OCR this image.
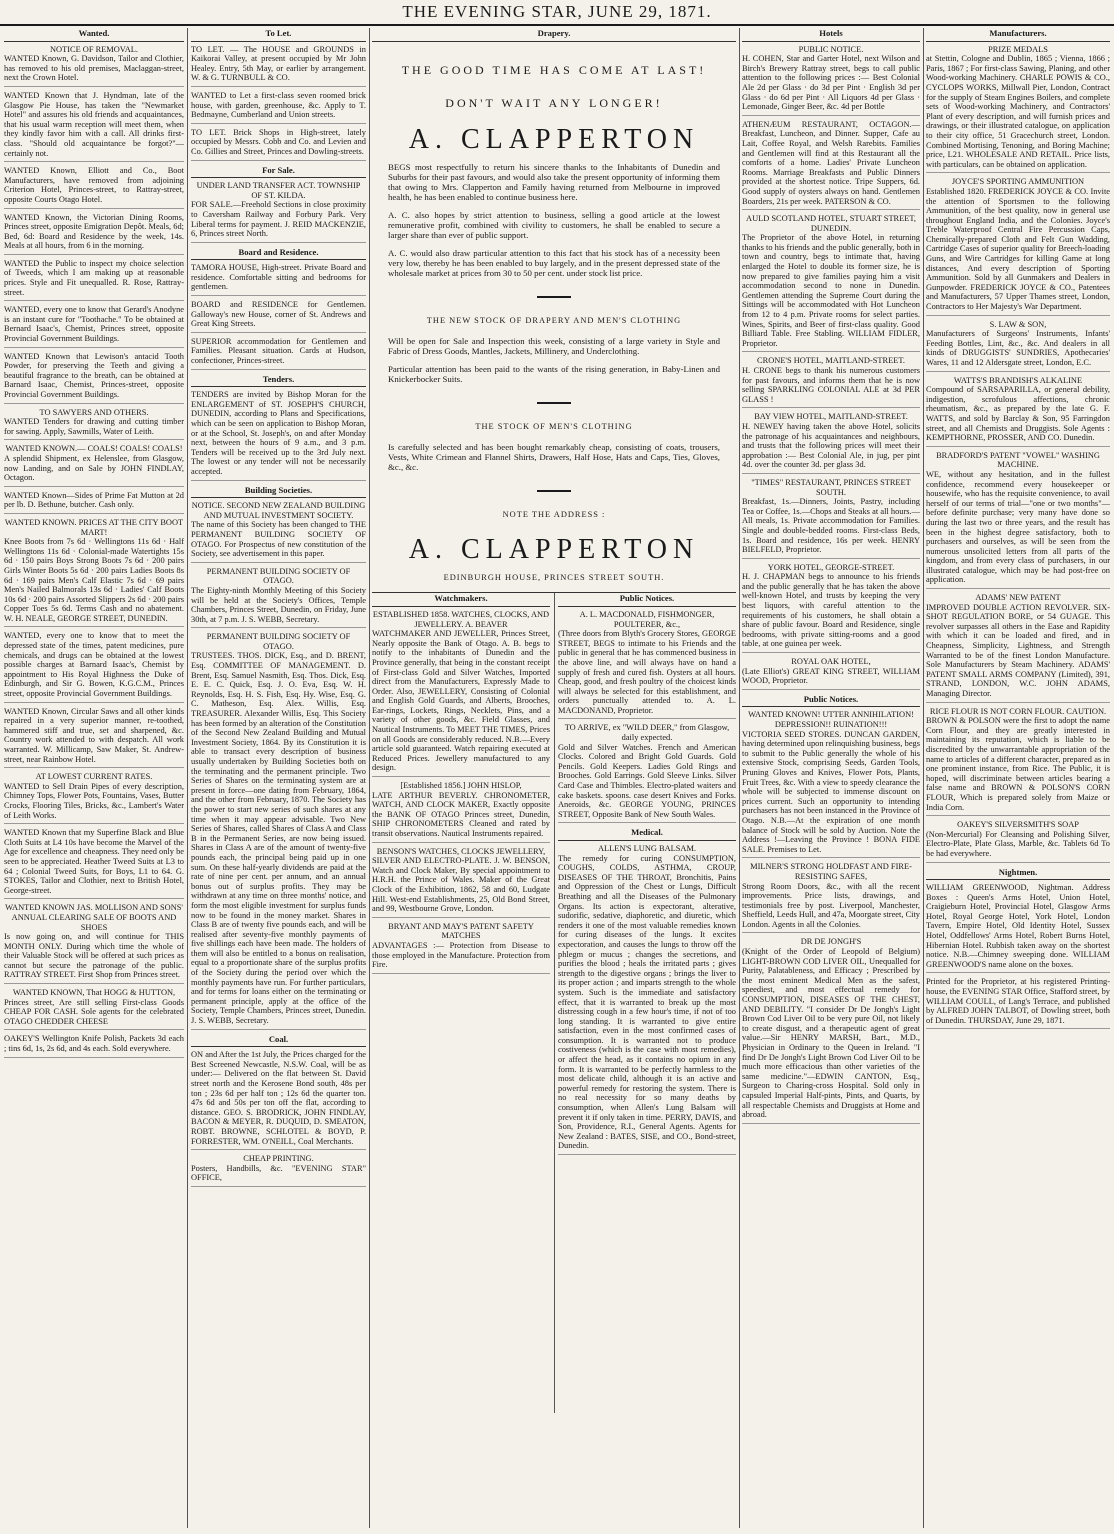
THE EVENING STAR, JUNE 29, 1871.
Wanted.

NOTICE OF REMOVAL.

WANTED Known, G. Davidson, Tailor and Clothier, has removed to his old premises, Maclaggan-street, next the Crown Hotel.

WANTED Known that J. Hyndman, late of the Glasgow Pie House, has taken the "Newmarket Hotel" and assures his old friends and acquaintances, that his usual warm reception will meet them, when they kindly favor him with a call. All drinks first-class. "Should old acquaintance be forgot?"—certainly not.

WANTED Known, Elliott and Co., Boot Manufacturers, have removed from adjoining Criterion Hotel, Princes-street, to Rattray-street, opposite Courts Otago Hotel.

WANTED Known, the Victorian Dining Rooms, Princes street, opposite Emigration Depôt. Meals, 6d; Bed, 6d: Board and Residence by the week, 14s. Meals at all hours, from 6 in the morning.

WANTED the Public to inspect my choice selection of Tweeds, which I am making up at reasonable prices. Style and Fit unequalled. R. Rose, Rattray-street.

WANTED, every one to know that Gerard's Anodyne is an instant cure for "Toothache." To be obtained at Bernard Isaac's, Chemist, Princes street, opposite Provincial Government Buildings.

WANTED Known that Lewison's antacid Tooth Powder, for preserving the Teeth and giving a beautiful fragrance to the breath, can be obtained at Barnard Isaac, Chemist, Princes-street, opposite Provincial Government Buildings.

TO SAWYERS AND OTHERS.

WANTED Tenders for drawing and cutting timber for sawing. Apply, Sawmills, Water of Leith.

WANTED KNOWN.— COALS! COALS! COALS!

A splendid Shipment, ex Helenslee, from Glasgow, now Landing, and on Sale by JOHN FINDLAY, Octagon.

WANTED Known—Sides of Prime Fat Mutton at 2d per lb. D. Bethune, butcher. Cash only.

WANTED KNOWN. PRICES AT THE CITY BOOT MART!

Knee Boots from 7s 6d · Wellingtons 11s 6d · Half Wellingtons 11s 6d · Colonial-made Watertights 15s 6d · 150 pairs Boys Strong Boots 7s 6d · 200 pairs Girls Winter Boots 5s 6d · 200 pairs Ladies Boots 8s 6d · 169 pairs Men's Calf Elastic 7s 6d · 69 pairs Men's Nailed Balmorals 13s 6d · Ladies' Calf Boots 10s 6d · 200 pairs Assorted Slippers 2s 6d · 200 pairs Copper Toes 5s 6d. Terms Cash and no abatement. W. H. NEALE, GEORGE STREET, DUNEDIN.

WANTED, every one to know that to meet the depressed state of the times, patent medicines, pure chemicals, and drugs can be obtained at the lowest possible charges at Barnard Isaac's, Chemist by appointment to His Royal Highness the Duke of Edinburgh, and Sir G. Bowen, K.G.C.M., Princes street, opposite Provincial Government Buildings.

WANTED Known, Circular Saws and all other kinds repaired in a very superior manner, re-toothed, hammered stiff and true, set and sharpened, &c. Country work attended to with despatch. All work warranted. W. Millicamp, Saw Maker, St. Andrew-street, near Rainbow Hotel.

AT LOWEST CURRENT RATES.

WANTED to Sell Drain Pipes of every description, Chimney Tops, Flower Pots, Fountains, Vases, Butter Crocks, Flooring Tiles, Bricks, &c., Lambert's Water of Leith Works.

WANTED Known that my Superfine Black and Blue Cloth Suits at L4 10s have become the Marvel of the Age for excellence and cheapness. They need only be seen to be appreciated. Heather Tweed Suits at L3 to 64 ; Colonial Tweed Suits, for Boys, L1 to 64. G. STOKES, Tailor and Clothier, next to British Hotel, George-street.

WANTED KNOWN JAS. MOLLISON AND SONS' ANNUAL CLEARING SALE OF BOOTS AND SHOES

Is now going on, and will continue for THIS MONTH ONLY. During which time the whole of their Valuable Stock will be offered at such prices as cannot but secure the patronage of the public. RATTRAY STREET. First Shop from Princes street.

WANTED KNOWN, That HOGG & HUTTON,

Princes street, Are still selling First-class Goods CHEAP FOR CASH. Sole agents for the celebrated OTAGO CHEDDER CHEESE

OAKEY'S Wellington Knife Polish, Packets 3d each ; tins 6d, 1s, 2s 6d, and 4s each. Sold everywhere.

To Let.

TO LET. — The HOUSE and GROUNDS in Kaikorai Valley, at present occupied by Mr John Healey. Entry, 5th May, or earlier by arrangement. W. & G. TURNBULL & CO.

WANTED to Let a first-class seven roomed brick house, with garden, greenhouse, &c. Apply to T. Bedmayne, Cumberland and Union streets.

TO LET. Brick Shops in High-street, lately occupied by Messrs. Cobb and Co. and Levien and Co. Gillies and Street, Princes and Dowling-streets.

For Sale.

UNDER LAND TRANSFER ACT. TOWNSHIP OF ST. KILDA.

FOR SALE.—Freehold Sections in close proximity to Caversham Railway and Forbury Park. Very Liberal terms for payment. J. REID MACKENZIE, 6, Princes street North.

Board and Residence.

TAMORA HOUSE, High-street. Private Board and residence. Comfortable sitting and bedrooms for gentlemen.

BOARD and RESIDENCE for Gentlemen. Galloway's new House, corner of St. Andrews and Great King Streets.

SUPERIOR accommodation for Gentlemen and Families. Pleasant situation. Cards at Hudson, confectioner, Princes-street.

Tenders.

TENDERS are invited by Bishop Moran for the ENLARGEMENT of ST. JOSEPH'S CHURCH, DUNEDIN, according to Plans and Specifications, which can be seen on application to Bishop Moran, or at the School, St. Joseph's, on and after Monday next, between the hours of 9 a.m., and 3 p.m. Tenders will be received up to the 3rd July next. The lowest or any tender will not be necessarily accepted.

Building Societies.

NOTICE. SECOND NEW ZEALAND BUILDING AND MUTUAL INVESTMENT SOCIETY.

The name of this Society has been changed to THE PERMANENT BUILDING SOCIETY OF OTAGO. For Prospectus of new constitution of the Society, see advertisement in this paper.

PERMANENT BUILDING SOCIETY OF OTAGO.

The Eighty-ninth Monthly Meeting of this Society will be held at the Society's Offices, Temple Chambers, Princes Street, Dunedin, on Friday, June 30th, at 7 p.m. J. S. WEBB, Secretary.

PERMANENT BUILDING SOCIETY OF OTAGO.

TRUSTEES. THOS. DICK, Esq., and D. BRENT, Esq. COMMITTEE OF MANAGEMENT. D. Brent, Esq. Samuel Nasmith, Esq. Thos. Dick, Esq. E. E. C. Quick, Esq. J. O. Eva, Esq. W. H. Reynolds, Esq. H. S. Fish, Esq. Hy. Wise, Esq. G. C. Matheson, Esq. Alex. Willis, Esq. TREASURER. Alexander Willis, Esq. This Society has been formed by an alteration of the Constitution of the Second New Zealand Building and Mutual Investment Society, 1864. By its Constitution it is able to transact every description of business usually undertaken by Building Societies both on the terminating and the permanent principle. Two Series of Shares on the terminating system are at present in force—one dating from February, 1864, and the other from February, 1870. The Society has the power to start new series of such shares at any time when it may appear advisable. Two New Series of Shares, called Shares of Class A and Class B in the Permanent Series, are now being issued. Shares in Class A are of the amount of twenty-five pounds each, the principal being paid up in one sum. On these half-yearly dividends are paid at the rate of nine per cent. per annum, and an annual bonus out of surplus profits. They may be withdrawn at any time on three months' notice, and form the most eligible investment for surplus funds now to be found in the money market. Shares in Class B are of twenty five pounds each, and will be realised after seventy-five monthly payments of five shillings each have been made. The holders of them will also be entitled to a bonus on realisation, equal to a proportionate share of the surplus profits of the Society during the period over which the monthly payments have run. For further particulars, and for terms for loans either on the terminating or permanent principle, apply at the office of the Society, Temple Chambers, Princes street, Dunedin. J. S. WEBB, Secretary.

Coal.

ON and After the 1st July, the Prices charged for the Best Screened Newcastle, N.S.W. Coal, will be as under:— Delivered on the flat between St. David street north and the Kerosene Bond south, 48s per ton ; 23s 6d per half ton ; 12s 6d the quarter ton. 47s 6d and 50s per ton off the flat, according to distance. GEO. S. BRODRICK, JOHN FINDLAY, BACON & MEYER, R. DUQUID, D. SMEATON, ROBT. BROWNE, SCHLOTEL & BOYD, P. FORRESTER, WM. O'NEILL, Coal Merchants.

CHEAP PRINTING.

Posters, Handbills, &c. "EVENING STAR" OFFICE,

Drapery.
THE GOOD TIME HAS COME AT LAST!
DON'T WAIT ANY LONGER!
A. CLAPPERTON

BEGS most respectfully to return his sincere thanks to the Inhabitants of Dunedin and Suburbs for their past favours, and would also take the present opportunity of informing them that owing to Mrs. Clapperton and Family having returned from Melbourne in improved health, he has been enabled to continue business here.

A. C. also hopes by strict attention to business, selling a good article at the lowest remunerative profit, combined with civility to customers, he shall be enabled to secure a larger share than ever of public support.

A. C. would also draw particular attention to this fact that his stock has of a necessity been very low, thereby he has been enabled to buy largely, and in the present depressed state of the wholesale market at prices from 30 to 50 per cent. under stock list price.

THE NEW STOCK OF DRAPERY AND MEN'S CLOTHING

Will be open for Sale and Inspection this week, consisting of a large variety in Style and Fabric of Dress Goods, Mantles, Jackets, Millinery, and Underclothing.

Particular attention has been paid to the wants of the rising generation, in Baby-Linen and Knickerbocker Suits.

THE STOCK OF MEN'S CLOTHING

Is carefully selected and has been bought remarkably cheap, consisting of coats, trousers, Vests, White Crimean and Flannel Shirts, Drawers, Half Hose, Hats and Caps, Ties, Gloves, &c., &c.

NOTE THE ADDRESS :
A. CLAPPERTON
EDINBURGH HOUSE, PRINCES STREET SOUTH.
Watchmakers.

ESTABLISHED 1858. WATCHES, CLOCKS, AND JEWELLERY. A. BEAVER

WATCHMAKER AND JEWELLER, Princes Street, Nearly opposite the Bank of Otago. A. B. begs to notify to the inhabitants of Dunedin and the Province generally, that being in the constant receipt of First-class Gold and Silver Watches, Imported direct from the Manufacturers, Expressly Made to Order. Also, JEWELLERY, Consisting of Colonial and English Gold Guards, and Alberts, Brooches, Ear-rings, Lockets, Rings, Necklets, Pins, and a variety of other goods, &c. Field Glasses, and Nautical Instruments. To MEET THE TIMES, Prices on all Goods are considerably reduced. N.B.—Every article sold guaranteed. Watch repairing executed at Reduced Prices. Jewellery manufactured to any design.

[Established 1856.] JOHN HISLOP,

LATE ARTHUR BEVERLY. CHRONOMETER, WATCH, AND CLOCK MAKER, Exactly opposite the BANK OF OTAGO Princes street, Dunedin, SHIP CHRONOMETERS Cleaned and rated by transit observations. Nautical Instruments repaired.

BENSON'S WATCHES, CLOCKS JEWELLERY,

SILVER AND ELECTRO-PLATE. J. W. BENSON, Watch and Clock Maker, By special appointment to H.R.H. the Prince of Wales. Maker of the Great Clock of the Exhibition, 1862, 58 and 60, Ludgate Hill. West-end Establishments, 25, Old Bond Street, and 99, Westbourne Grove, London.

BRYANT AND MAY'S PATENT SAFETY MATCHES

ADVANTAGES :— Protection from Disease to those employed in the Manufacture. Protection from Fire.

Public Notices.

A. L. MACDONALD, FISHMONGER, POULTERER, &c.,

(Three doors from Blyth's Grocery Stores, GEORGE STREET, BEGS to intimate to his Friends and the public in general that he has commenced business in the above line, and will always have on hand a supply of fresh and cured fish. Oysters at all hours. Cheap, good, and fresh poultry of the choicest kinds will always be selected for this establishment, and orders punctually attended to. A. L. MACDONAND, Proprietor.

TO ARRIVE, ex "WILD DEER," from Glasgow, daily expected.

Gold and Silver Watches. French and American Clocks. Colored and Bright Gold Guards. Gold Pencils. Gold Keepers. Ladies Gold Rings and Brooches. Gold Earrings. Gold Sleeve Links. Silver Card Case and Thimbles. Electro-plated waiters and cake baskets. spoons. case desert Knives and Forks. Aneroids, &c. GEORGE YOUNG, PRINCES STREET, Opposite Bank of New South Wales.

Medical.

ALLEN'S LUNG BALSAM.

The remedy for curing CONSUMPTION, COUGHS, COLDS, ASTHMA, CROUP, DISEASES OF THE THROAT, Bronchitis, Pains and Oppression of the Chest or Lungs, Difficult Breathing and all the Diseases of the Pulmonary Organs. Its action is expectorant, alterative, sudorific, sedative, diaphoretic, and diuretic, which renders it one of the most valuable remedies known for curing diseases of the lungs. It excites expectoration, and causes the lungs to throw off the phlegm or mucus ; changes the secretions, and purifies the blood ; heals the irritated parts ; gives strength to the digestive organs ; brings the liver to its proper action ; and imparts strength to the whole system. Such is the immediate and satisfactory effect, that it is warranted to break up the most distressing cough in a few hour's time, if not of too long standing. It is warranted to give entire satisfaction, even in the most confirmed cases of consumption. It is warranted not to produce costiveness (which is the case with most remedies), or affect the head, as it contains no opium in any form. It is warranted to be perfectly harmless to the most delicate child, although it is an active and powerful remedy for restoring the system. There is no real necessity for so many deaths by consumption, when Allen's Lung Balsam will prevent it if only taken in time. PERRY, DAVIS, and Son, Providence, R.I., General Agents. Agents for New Zealand : BATES, SISE, and CO., Bond-street, Dunedin.

Hotels

PUBLIC NOTICE.

H. COHEN, Star and Garter Hotel, next Wilson and Birch's Brewery Rattray street, begs to call public attention to the following prices :— Best Colonial Ale 2d per Glass · do 3d per Pint · English 3d per Glass · do 6d per Pint · All Liquors 4d per Glass · Lemonade, Ginger Beer, &c. 4d per Bottle

ATHENÆUM RESTAURANT, OCTAGON.—Breakfast, Luncheon, and Dinner. Supper, Cafe au Lait, Coffee Royal, and Welsh Rarebits. Families and Gentlemen will find at this Restaurant all the comforts of a home. Ladies' Private Luncheon Rooms. Marriage Breakfasts and Public Dinners provided at the shortest notice. Tripe Suppers, 6d. Good supply of oysters always on hand. Gentlemen Boarders, 21s per week. PATERSON & CO.

AULD SCOTLAND HOTEL, STUART STREET, DUNEDIN.

The Proprietor of the above Hotel, in returning thanks to his friends and the public generally, both in town and country, begs to intimate that, having enlarged the Hotel to double its former size, he is now prepared to give families paying him a visit accommodation second to none in Dunedin. Gentlemen attending the Supreme Court during the Sittings will be accommodated with Hot Luncheon from 12 to 4 p.m. Private rooms for select parties. Wines, Spirits, and Beer of first-class quality. Good Billiard Table. Free Stabling. WILLIAM FIDLER, Proprietor.

CRONE'S HOTEL, MAITLAND-STREET.

H. CRONE begs to thank his numerous customers for past favours, and informs them that he is now selling SPARKLING COLONIAL ALE at 3d PER GLASS !

BAY VIEW HOTEL, MAITLAND-STREET.

H. NEWEY having taken the above Hotel, solicits the patronage of his acquaintances and neighbours, and trusts that the following prices will meet their approbation :— Best Colonial Ale, in jug, per pint 4d. over the counter 3d. per glass 3d.

"TIMES" RESTAURANT, PRINCES STREET SOUTH.

Breakfast, 1s.—Dinners, Joints, Pastry, including Tea or Coffee, 1s.—Chops and Steaks at all hours.—All meals, 1s. Private accommodation for Families. Single and double-bedded rooms. First-class Beds, 1s. Board and residence, 16s per week. HENRY BIELFELD, Proprietor.

YORK HOTEL, GEORGE-STREET.

H. J. CHAPMAN begs to announce to his friends and the public generally that he has taken the above well-known Hotel, and trusts by keeping the very best liquors, with careful attention to the requirements of his customers, he shall obtain a share of public favour. Board and Residence, single bedrooms, with private sitting-rooms and a good table, at one guinea per week.

ROYAL OAK HOTEL,

(Late Elliot's) GREAT KING STREET, WILLIAM WOOD, Proprietor.

Public Notices.

WANTED KNOWN! UTTER ANNIHILATION! DEPRESSION!! RUINATION!!!

VICTORIA SEED STORES. DUNCAN GARDEN, having determined upon relinquishing business, begs to submit to the Public generally the whole of his extensive Stock, comprising Seeds, Garden Tools, Pruning Gloves and Knives, Flower Pots, Plants, Fruit Trees, &c. With a view to speedy clearance the whole will be subjected to immense discount on prices current. Such an opportunity to intending purchasers has not been instanced in the Province of Otago. N.B.—At the expiration of one month balance of Stock will be sold by Auction. Note the Address !—Leaving the Province ! BONA FIDE SALE. Premises to Let.

MILNER'S STRONG HOLDFAST AND FIRE-RESISTING SAFES,

Strong Room Doors, &c., with all the recent improvements. Price lists, drawings, and testimonials free by post. Liverpool, Manchester, Sheffield, Leeds Hull, and 47a, Moorgate street, City London. Agents in all the Colonies.

DR DE JONGH'S

(Knight of the Order of Leopold of Belgium) LIGHT-BROWN COD LIVER OIL, Unequalled for Purity, Palatableness, and Efficacy ; Prescribed by the most eminent Medical Men as the safest, speediest, and most effectual remedy for CONSUMPTION, DISEASES OF THE CHEST, AND DEBILITY. "I consider Dr De Jongh's Light Brown Cod Liver Oil to be very pure Oil, not likely to create disgust, and a therapeutic agent of great value.—Sir HENRY MARSH, Bart., M.D., Physician in Ordinary to the Queen in Ireland. "I find Dr De Jongh's Light Brown Cod Liver Oil to be much more efficacious than other varieties of the same medicine."—EDWIN CANTON, Esq., Surgeon to Charing-cross Hospital. Sold only in capsuled Imperial Half-pints, Pints, and Quarts, by all respectable Chemists and Druggists at Home and abroad.

Manufacturers.

PRIZE MEDALS

at Stettin, Cologne and Dublin, 1865 ; Vienna, 1866 ; Paris, 1867 ; For first-class Sawing, Planing, and other Wood-working Machinery. CHARLE POWIS & CO., CYCLOPS WORKS, Millwall Pier, London, Contract for the supply of Steam Engines Boilers, and complete sets of Wood-working Machinery, and Contractors' Plant of every description, and will furnish prices and drawings, or their illustrated catalogue, on application to their city office, 51 Gracechurch street, London. Combined Mortising, Tenoning, and Boring Machine; price, L21. WHOLESALE AND RETAIL. Price lists, with particulars, can be obtained on application.

JOYCE'S SPORTING AMMUNITION

Established 1820. FREDERICK JOYCE & CO. Invite the attention of Sportsmen to the following Ammunition, of the best quality, now in general use throughout England India, and the Colonies. Joyce's Treble Waterproof Central Fire Percussion Caps, Chemically-prepared Cloth and Felt Gun Wadding, Cartridge Cases of superior quality for Breech-loading Guns, and Wire Cartridges for killing Game at long distances, And every description of Sporting Ammunition. Sold by all Gunmakers and Dealers in Gunpowder. FREDERICK JOYCE & CO., Patentees and Manufacturers, 57 Upper Thames street, London, Contractors to Her Majesty's War Department.

S. LAW & SON,

Manufacturers of Surgeons' Instruments, Infants' Feeding Bottles, Lint, &c., &c. And dealers in all kinds of DRUGGISTS' SUNDRIES, Apothecaries' Wares, 11 and 12 Aldersgate street, London, E.C.

WATTS'S BRANDISH'S ALKALINE

Compound of SARSAPARILLA, or general debility, indigestion, scrofulous affections, chronic rheumatism, &c., as prepared by the late G. F. WATTS, and sold by Barclay & Son, 95 Farringdon street, and all Chemists and Druggists. Sole Agents : KEMPTHORNE, PROSSER, AND CO. Dunedin.

BRADFORD'S PATENT "VOWEL" WASHING MACHINE.

WE, without any hesitation, and in the fullest confidence, recommend every housekeeper or housewife, who has the requisite convenience, to avail herself of our terms of trial—"one or two months"—before definite purchase; very many have done so during the last two or three years, and the result has been in the highest degree satisfactory, both to purchasers and ourselves, as will be seen from the numerous unsolicited letters from all parts of the kingdom, and from every class of purchasers, in our illustrated catalogue, which may be had post-free on application.

ADAMS' NEW PATENT

IMPROVED DOUBLE ACTION REVOLVER. SIX-SHOT REGULATION BORE, or 54 GUAGE. This revolver surpasses all others in the Ease and Rapidity with which it can be loaded and fired, and in Cheapness, Simplicity, Lightness, and Strength Warranted to be of the finest London Manufacture. Sole Manufacturers by Steam Machinery. ADAMS' PATENT SMALL ARMS COMPANY (Limited), 391, STRAND, LONDON, W.C. JOHN ADAMS, Managing Director.

RICE FLOUR IS NOT CORN FLOUR. CAUTION.

BROWN & POLSON were the first to adopt the name Corn Flour, and they are greatly interested in maintaining its reputation, which is liable to be discredited by the unwarrantable appropriation of the name to articles of a different character, prepared as in one prominent instance, from Rice. The Public, it is hoped, will discriminate between articles bearing a false name and BROWN & POLSON'S CORN FLOUR, Which is prepared solely from Maize or India Corn.

OAKEY'S SILVERSMITH'S SOAP

(Non-Mercurial) For Cleansing and Polishing Silver, Electro-Plate, Plate Glass, Marble, &c. Tablets 6d To be had everywhere.

Nightmen.

WILLIAM GREENWOOD, Nightman. Address Boxes : Queen's Arms Hotel, Union Hotel, Craigieburn Hotel, Provincial Hotel, Glasgow Arms Hotel, Royal George Hotel, York Hotel, London Tavern, Empire Hotel, Old Identity Hotel, Sussex Hotel, Oddfellows' Arms Hotel, Robert Burns Hotel, Hibernian Hotel. Rubbish taken away on the shortest notice. N.B.—Chimney sweeping done. WILLIAM GREENWOOD'S name alone on the boxes.

Printed for the Proprietor, at his registered Printing-house, the EVENING STAR Office, Stafford street, by WILLIAM COULL, of Lang's Terrace, and published by ALFRED JOHN TALBOT, of Dowling street, both of Dunedin. THURSDAY, June 29, 1871.
